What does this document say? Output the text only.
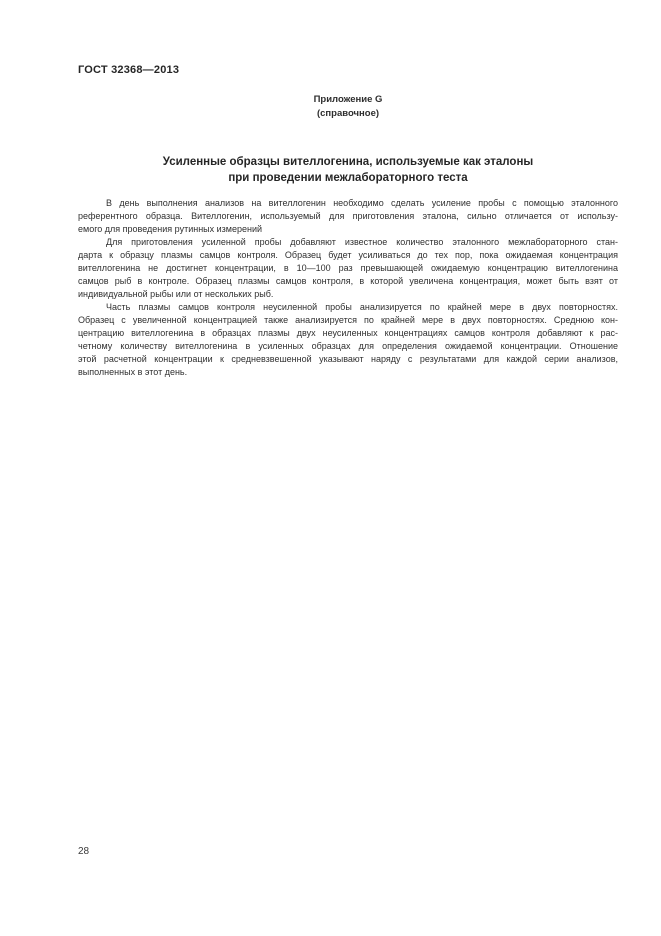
ГОСТ 32368—2013
Приложение G
(справочное)
Усиленные образцы вителлогенина, используемые как эталоны
при проведении межлабораторного теста
В день выполнения анализов на вителлогенин необходимо сделать усиление пробы с помощью эталонного
референтного образца. Вителлогенин, используемый для приготовления эталона, сильно отличается от использу-
емого для проведения рутинных измерений
Для приготовления усиленной пробы добавляют известное количество эталонного межлабораторного стан-
дарта к образцу плазмы самцов контроля. Образец будет усиливаться до тех пор, пока ожидаемая концентрация
вителлогенина не достигнет концентрации, в 10—100 раз превышающей ожидаемую концентрацию вителлогенина
самцов рыб в контроле. Образец плазмы самцов контроля, в которой увеличена концентрация, может быть взят от
индивидуальной рыбы или от нескольких рыб.
Часть плазмы самцов контроля неусиленной пробы анализируется по крайней мере в двух повторностях.
Образец с увеличенной концентрацией также анализируется по крайней мере в двух повторностях. Среднюю кон-
центрацию вителлогенина в образцах плазмы двух неусиленных концентрациях самцов контроля добавляют к рас-
четному количеству вителлогенина в усиленных образцах для определения ожидаемой концентрации. Отношение
этой расчетной концентрации к средневзвешенной указывают наряду с результатами для каждой серии анализов,
выполненных в этот день.
28
